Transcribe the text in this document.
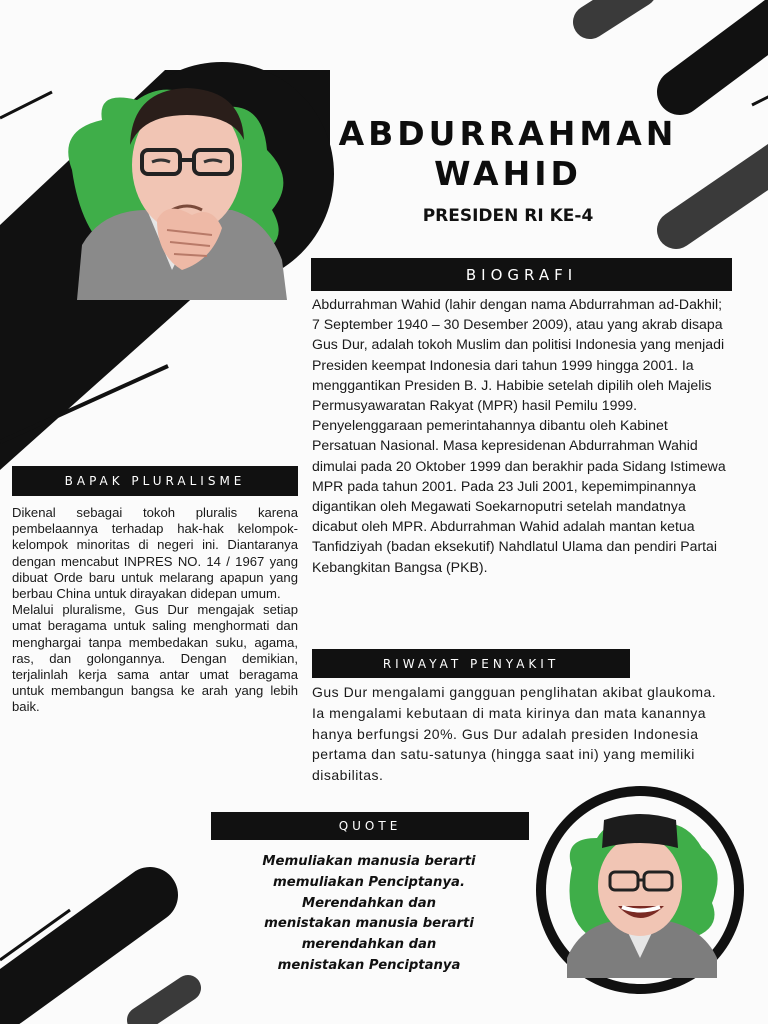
ABDURRAHMAN WAHID
PRESIDEN RI KE-4
BIOGRAFI
Abdurrahman Wahid (lahir dengan nama Abdurrahman ad-Dakhil; 7 September 1940 – 30 Desember 2009), atau yang akrab disapa Gus Dur, adalah tokoh Muslim dan politisi Indonesia yang menjadi Presiden keempat Indonesia dari tahun 1999 hingga 2001. Ia menggantikan Presiden B. J. Habibie setelah dipilih oleh Majelis Permusyawaratan Rakyat (MPR) hasil Pemilu 1999. Penyelenggaraan pemerintahannya dibantu oleh Kabinet Persatuan Nasional. Masa kepresidenan Abdurrahman Wahid dimulai pada 20 Oktober 1999 dan berakhir pada Sidang Istimewa MPR pada tahun 2001. Pada 23 Juli 2001, kepemimpinannya digantikan oleh Megawati Soekarnoputri setelah mandatnya dicabut oleh MPR. Abdurrahman Wahid adalah mantan ketua Tanfidziyah (badan eksekutif) Nahdlatul Ulama dan pendiri Partai Kebangkitan Bangsa (PKB).
BAPAK PLURALISME

Dikenal sebagai tokoh pluralis karena pembelaannya terhadap hak-hak kelompok-kelompok minoritas di negeri ini. Diantaranya dengan mencabut INPRES NO. 14 / 1967 yang dibuat Orde baru untuk melarang apapun yang berbau China untuk dirayakan didepan umum.

Melalui pluralisme, Gus Dur mengajak setiap umat beragama untuk saling menghormati dan menghargai tanpa membedakan suku, agama, ras, dan golongannya. Dengan demikian, terjalinlah kerja sama antar umat beragama untuk membangun bangsa ke arah yang lebih baik.

RIWAYAT PENYAKIT
Gus Dur mengalami gangguan penglihatan akibat glaukoma. Ia mengalami kebutaan di mata kirinya dan mata kanannya hanya berfungsi 20%. Gus Dur adalah presiden Indonesia pertama dan satu-satunya (hingga saat ini) yang memiliki disabilitas.
QUOTE
Memuliakan manusia berarti memuliakan Penciptanya. Merendahkan dan menistakan manusia berarti merendahkan dan menistakan Penciptanya
